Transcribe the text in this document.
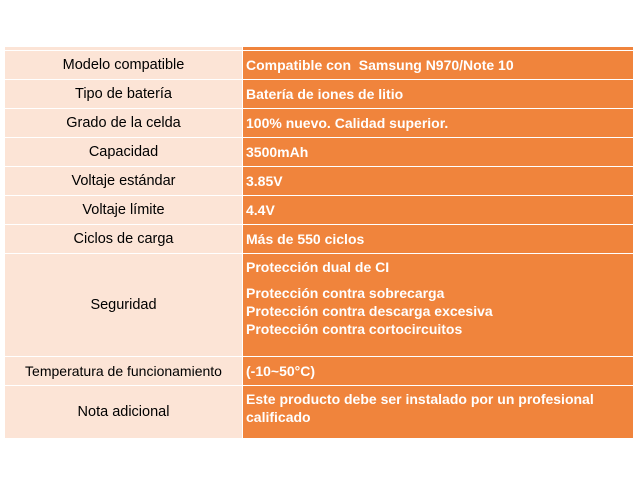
Modelo compatible	Compatible con  Samsung N970/Note 10
Tipo de batería	Batería de iones de litio
Grado de la celda	100% nuevo. Calidad superior.
Capacidad	3500mAh
Voltaje estándar	3.85V
Voltaje límite	4.4V
Ciclos de carga	Más de 550 ciclos
Seguridad	Protección dual de CI
Protección contra sobrecarga
Protección contra descarga excesiva
Protección contra cortocircuitos

Temperatura de funcionamiento	(-10~50°C)
Nota adicional	Este producto debe ser instalado por un profesional
calificado
